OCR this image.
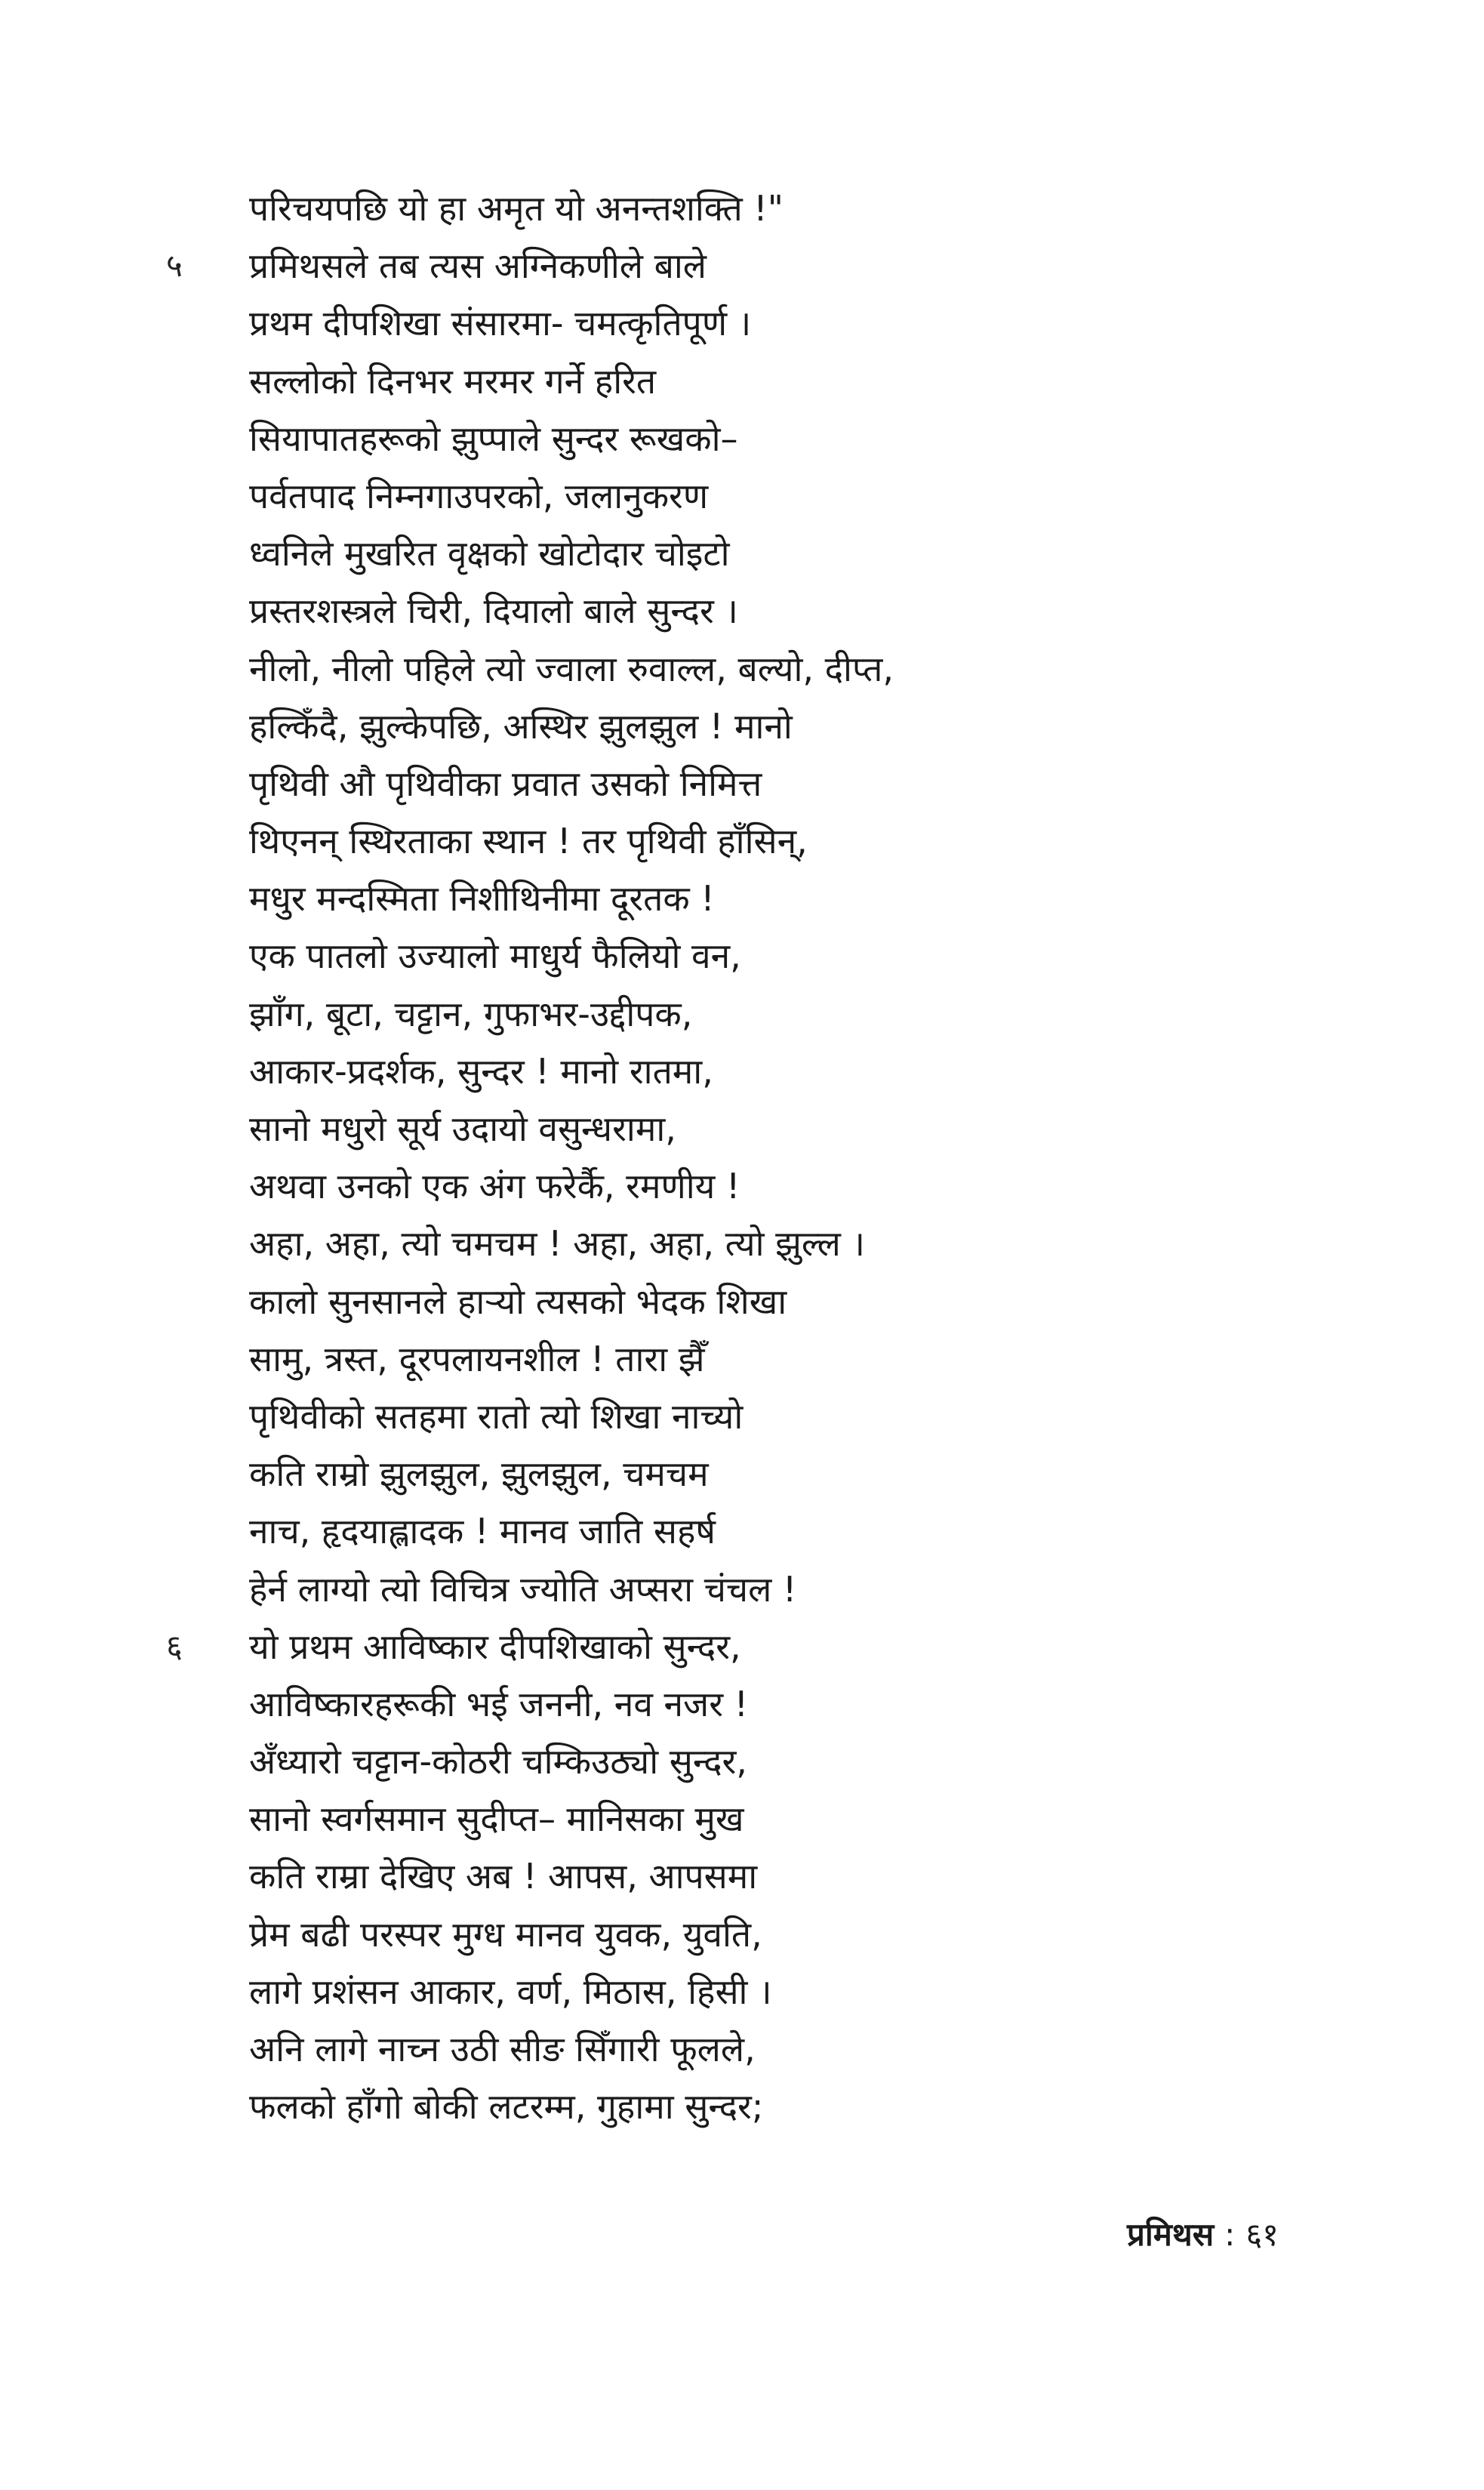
परिचयपछि यो हा अमृत यो अनन्तशक्ति !"
५ प्रमिथसले तब त्यस अग्निकणीले बाले
प्रथम दीपशिखा संसारमा- चमत्कृतिपूर्ण ।
सल्लोको दिनभर मरमर गर्ने हरित
सियापातहरूको झुप्पाले सुन्दर रूखको–
पर्वतपाद निम्नगाउपरको, जलानुकरण
ध्वनिले मुखरित वृक्षको खोटोदार चोइटो
प्रस्तरशस्त्रले चिरी, दियालो बाले सुन्दर ।
नीलो, नीलो पहिले त्यो ज्वाला रुवाल्ल, बल्यो, दीप्त,
हल्किँदै, झुल्केपछि, अस्थिर झुलझुल ! मानो
पृथिवी औ पृथिवीका प्रवात उसको निमित्त
थिएनन् स्थिरताका स्थान ! तर पृथिवी हाँसिन्,
मधुर मन्दस्मिता निशीथिनीमा दूरतक !
एक पातलो उज्यालो माधुर्य फैलियो वन,
झाँग, बूटा, चट्टान, गुफाभर-उद्दीपक,
आकार-प्रदर्शक, सुन्दर ! मानो रातमा,
सानो मधुरो सूर्य उदायो वसुन्धरामा,
अथवा उनको एक अंग फरेर्कै, रमणीय !
अहा, अहा, त्यो चमचम ! अहा, अहा, त्यो झुल्ल ।
कालो सुनसानले हाऱ्यो त्यसको भेदक शिखा
सामु, त्रस्त, दूरपलायनशील ! तारा झैँ
पृथिवीको सतहमा रातो त्यो शिखा नाच्यो
कति राम्रो झुलझुल, झुलझुल, चमचम
नाच, हृदयाह्लादक ! मानव जाति सहर्ष
हेर्न लाग्यो त्यो विचित्र ज्योति अप्सरा चंचल !
६ यो प्रथम आविष्कार दीपशिखाको सुन्दर,
आविष्कारहरूकी भई जननी, नव नजर !
अँध्यारो चट्टान-कोठरी चम्किउठ्यो सुन्दर,
सानो स्वर्गसमान सुदीप्त– मानिसका मुख
कति राम्रा देखिए अब ! आपस, आपसमा
प्रेम बढी परस्पर मुग्ध मानव युवक, युवति,
लागे प्रशंसन आकार, वर्ण, मिठास, हिसी ।
अनि लागे नाच्न उठी सीङ सिँगारी फूलले,
फलको हाँगो बोकी लटरम्म, गुहामा सुन्दर;
प्रमिथस : ६१
